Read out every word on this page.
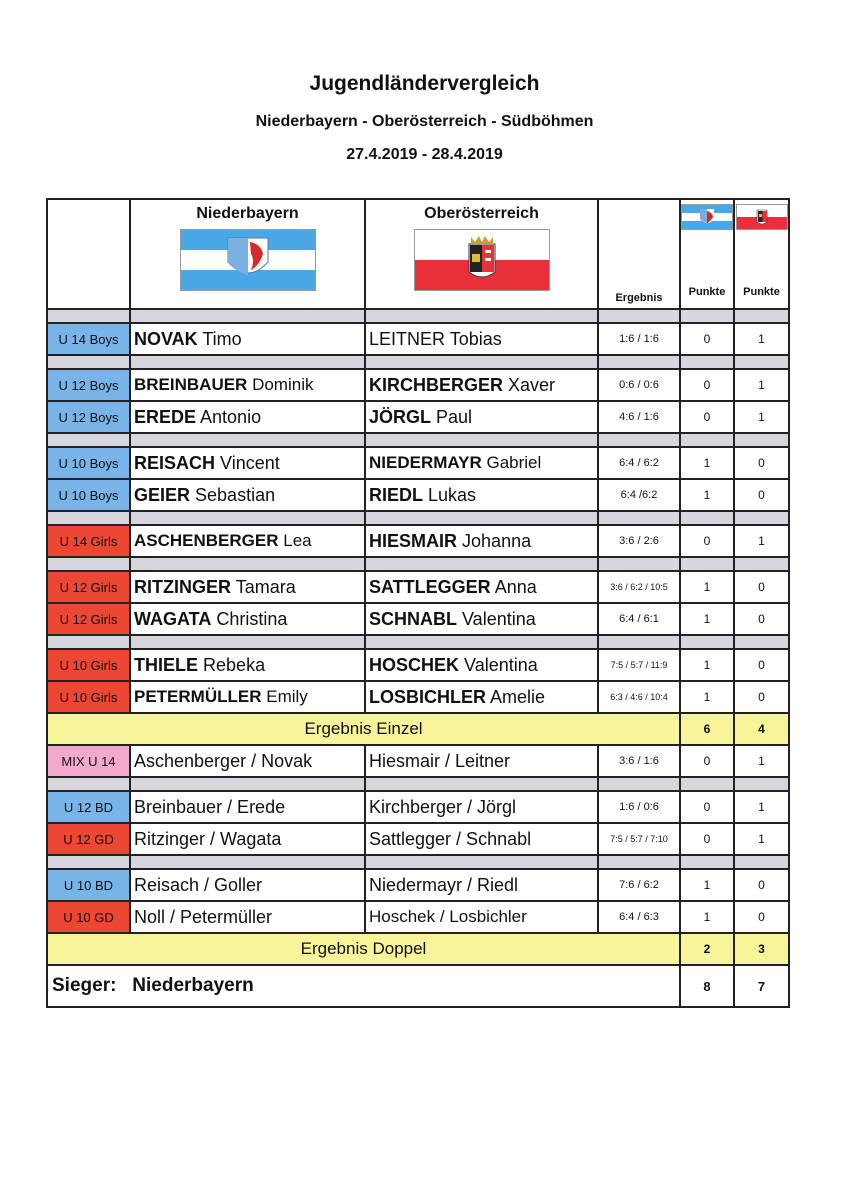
Jugendländervergleich
Niederbayern - Oberösterreich - Südböhmen
27.4.2019 - 28.4.2019

	Niederbayern	Oberösterreich	Ergebnis	Punkte	Punkte

U 14 Boys	NOVAK Timo	LEITNER Tobias	1:6 / 1:6	0	1

U 12 Boys	BREINBAUER Dominik	KIRCHBERGER Xaver	0:6 / 0:6	0	1
U 12 Boys	EREDE Antonio	JÖRGL Paul	4:6 / 1:6	0	1

U 10 Boys	REISACH Vincent	NIEDERMAYR Gabriel	6:4 / 6:2	1	0
U 10 Boys	GEIER Sebastian	RIEDL Lukas	6:4 /6:2	1	0

U 14 Girls	ASCHENBERGER Lea	HIESMAIR Johanna	3:6 / 2:6	0	1

U 12 Girls	RITZINGER Tamara	SATTLEGGER Anna	3:6 / 6:2 / 10:5	1	0
U 12 Girls	WAGATA Christina	SCHNABL Valentina	6:4 / 6:1	1	0

U 10 Girls	THIELE Rebeka	HOSCHEK Valentina	7:5 / 5:7 / 11:9	1	0
U 10 Girls	PETERMÜLLER Emily	LOSBICHLER Amelie	6:3 / 4:6 / 10:4	1	0
Ergebnis Einzel				6	4
MIX U 14	Aschenberger / Novak	Hiesmair / Leitner	3:6 / 1:6	0	1

U 12 BD	Breinbauer / Erede	Kirchberger / Jörgl	1:6 / 0:6	0	1
U 12 GD	Ritzinger / Wagata	Sattlegger / Schnabl	7:5 / 5:7 / 7:10	0	1

U 10 BD	Reisach / Goller	Niedermayr / Riedl	7:6 / 6:2	1	0
U 10 GD	Noll / Petermüller	Hoschek / Losbichler	6:4 / 6:3	1	0
Ergebnis Doppel				2	3
Sieger: Niederbayern				8	7
